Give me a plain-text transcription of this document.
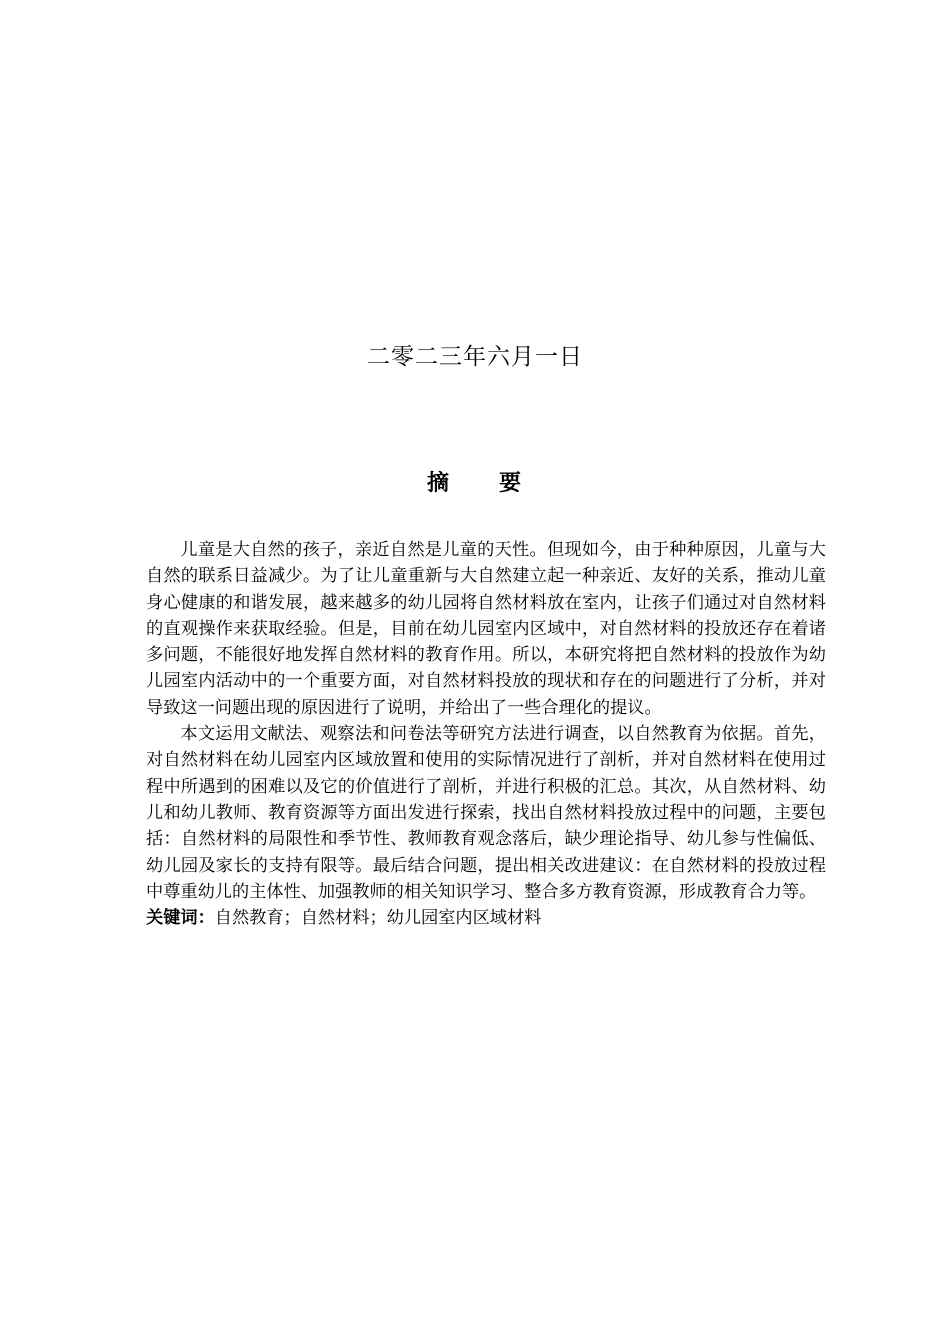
二零二三年六月一日
摘 要

儿童是大自然的孩子，亲近自然是儿童的天性。但现如今，由于种种原因，儿童与大自然的联系日益减少。为了让儿童重新与大自然建立起一种亲近、友好的关系，推动儿童身心健康的和谐发展，越来越多的幼儿园将自然材料放在室内，让孩子们通过对自然材料的直观操作来获取经验。但是，目前在幼儿园室内区域中，对自然材料的投放还存在着诸多问题，不能很好地发挥自然材料的教育作用。所以，本研究将把自然材料的投放作为幼儿园室内活动中的一个重要方面，对自然材料投放的现状和存在的问题进行了分析，并对导致这一问题出现的原因进行了说明，并给出了一些合理化的提议。

本文运用文献法、观察法和问卷法等研究方法进行调查，以自然教育为依据。首先，对自然材料在幼儿园室内区域放置和使用的实际情况进行了剖析，并对自然材料在使用过程中所遇到的困难以及它的价值进行了剖析，并进行积极的汇总。其次，从自然材料、幼儿和幼儿教师、教育资源等方面出发进行探索，找出自然材料投放过程中的问题，主要包括：自然材料的局限性和季节性、教师教育观念落后，缺少理论指导、幼儿参与性偏低、幼儿园及家长的支持有限等。最后结合问题，提出相关改进建议：在自然材料的投放过程中尊重幼儿的主体性、加强教师的相关知识学习、整合多方教育资源，形成教育合力等。

关键词：自然教育；自然材料；幼儿园室内区域材料
